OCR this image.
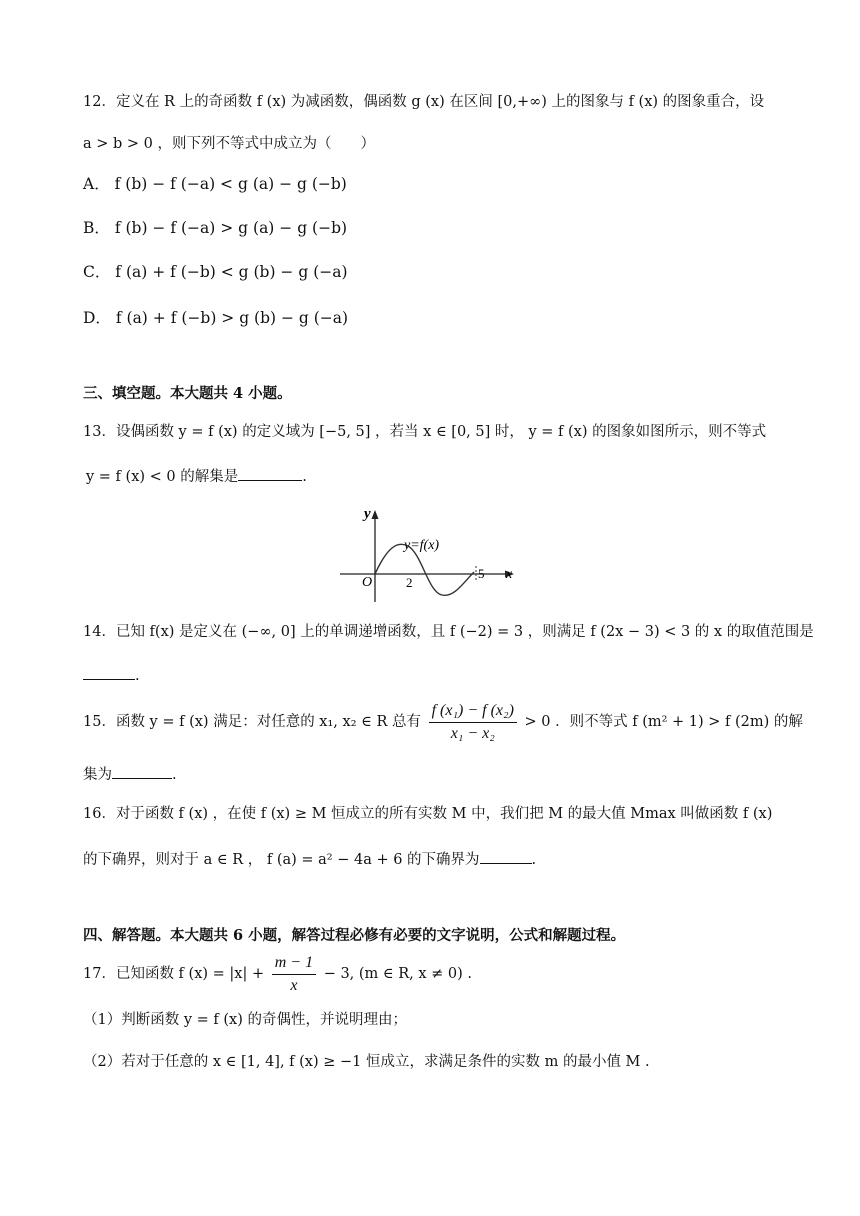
12．定义在 R 上的奇函数 f (x) 为减函数，偶函数 g (x) 在区间 [0,+∞) 上的图象与 f (x) 的图象重合，设
a > b > 0 ，则下列不等式中成立为（　　）
A． f (b) − f (−a) < g (a) − g (−b)
B． f (b) − f (−a) > g (a) − g (−b)
C． f (a) + f (−b) < g (b) − g (−a)
D． f (a) + f (−b) > g (b) − g (−a)
三、填空题。本大题共 4 小题。
13．设偶函数 y = f (x) 的定义域为 [−5, 5] ，若当 x ∈ [0, 5] 时， y = f (x) 的图象如图所示，则不等式
y = f (x) < 0 的解集是	.
y
x
O	2
5
y=f(x)
14．已知 f(x) 是定义在 (−∞, 0] 上的单调递增函数，且 f (−2) = 3 ，则满足 f (2x − 3) < 3 的 x 的取值范围是
.
15．函数 y = f (x) 满足：对任意的 x₁, x₂ ∈ R 总有 $\frac{\text{f (x₁) − f (x₂)}}{\text{x₁ − x₂}} > 0$ ．则不等式 f (m² + 1) > f (2m) 的解
集为	.
16．对于函数 f (x) ，在使 f (x) ≥ M 恒成立的所有实数 M 中，我们把 M 的最大值 Mmax 叫做函数 f (x)
的下确界，则对于 a ∈ R ， f (a) = a² − 4a + 6 的下确界为	.
四、解答题。本大题共 6 小题，解答过程必修有必要的文字说明，公式和解题过程。
17．已知函数 f $(x) = |x| + \frac{m - 1}{x} - 3$, (m ∈ R, x ≠ 0) .
（1）判断函数 y = f (x) 的奇偶性，并说明理由；
（2）若对于任意的 x ∈ [1, 4], f (x) ≥ −1 恒成立，求满足条件的实数 m 的最小值 M .
